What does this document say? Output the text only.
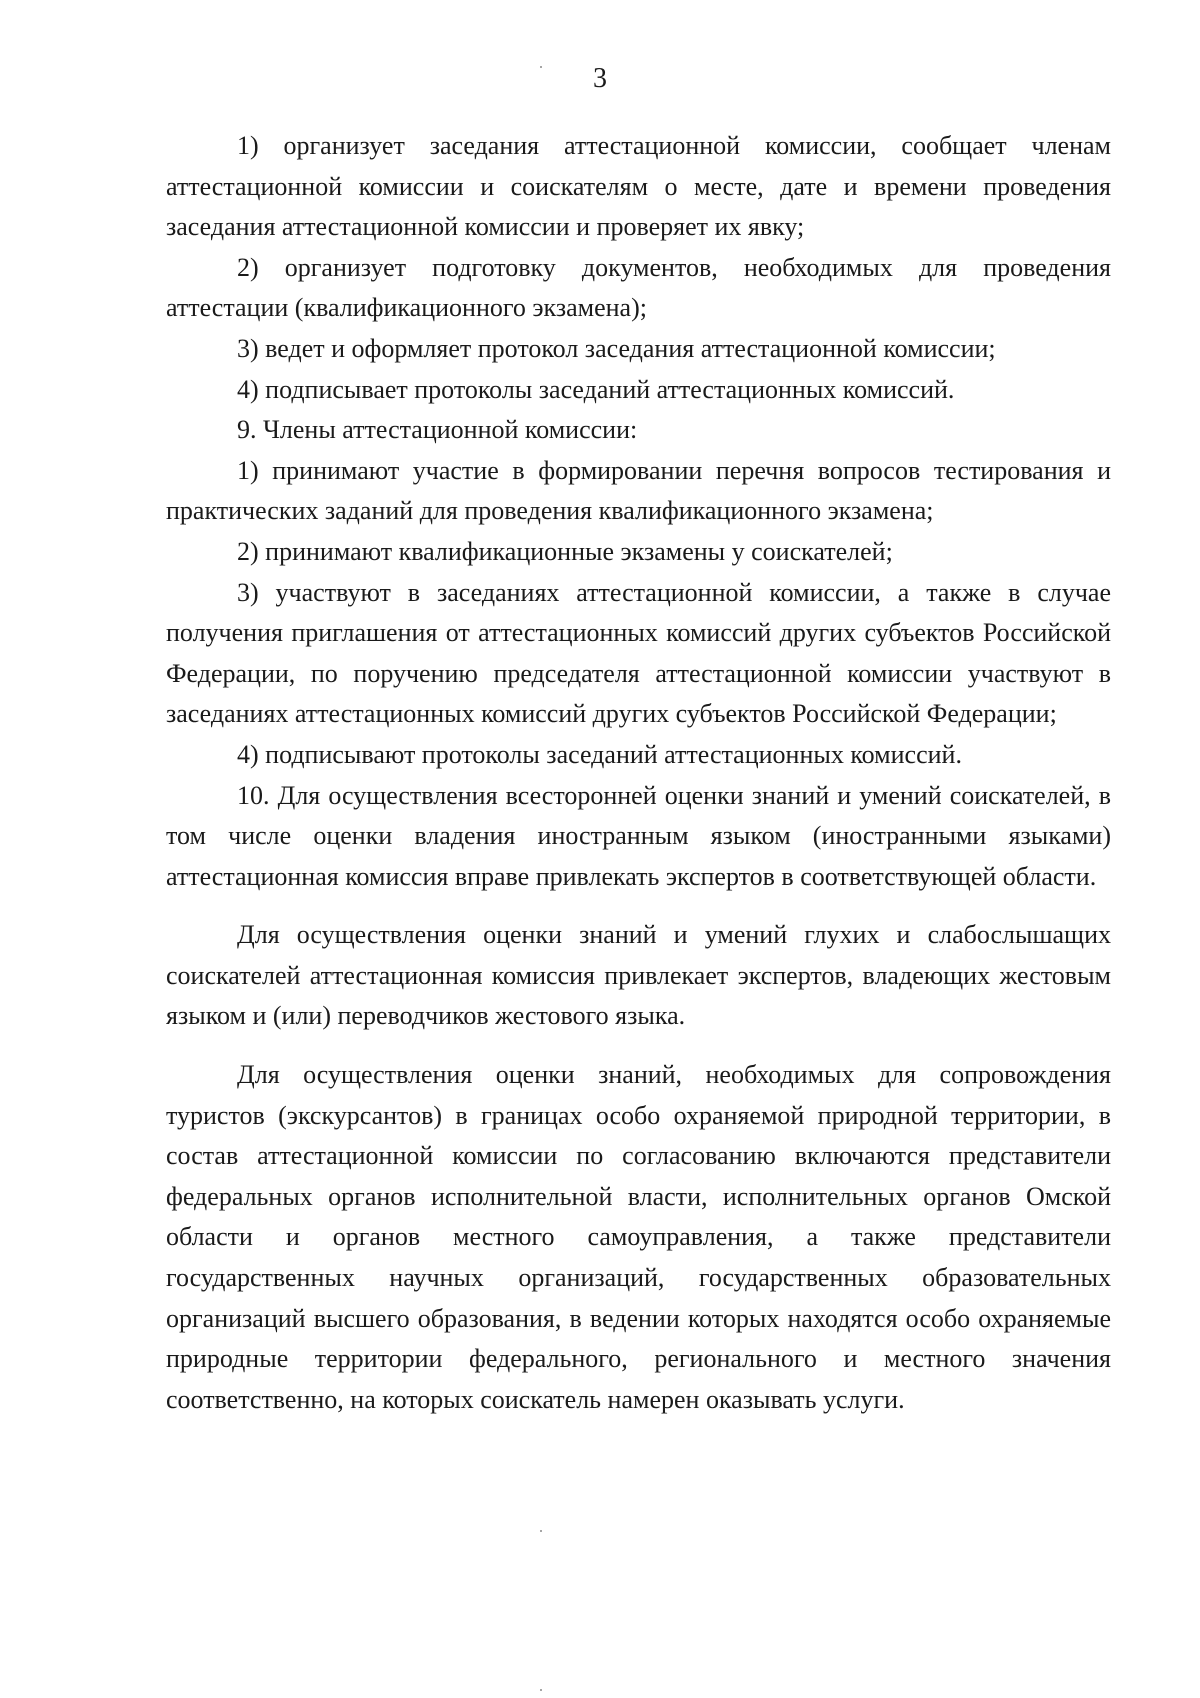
3

1) организует заседания аттестационной комиссии, сообщает членам аттестационной комиссии и соискателям о месте, дате и времени проведения заседания аттестационной комиссии и проверяет их явку;

2) организует подготовку документов, необходимых для проведения аттестации (квалификационного экзамена);

3) ведет и оформляет протокол заседания аттестационной комиссии;

4) подписывает протоколы заседаний аттестационных комиссий.

9. Члены аттестационной комиссии:

1) принимают участие в формировании перечня вопросов тестирования и практических заданий для проведения квалификационного экзамена;

2) принимают квалификационные экзамены у соискателей;

3) участвуют в заседаниях аттестационной комиссии, а также в случае получения приглашения от аттестационных комиссий других субъектов Российской Федерации, по поручению председателя аттестационной комиссии участвуют в заседаниях аттестационных комиссий других субъектов Российской Федерации;

4) подписывают протоколы заседаний аттестационных комиссий.

10. Для осуществления всесторонней оценки знаний и умений соискателей, в том числе оценки владения иностранным языком (иностранными языками) аттестационная комиссия вправе привлекать экспертов в соответствующей области.

Для осуществления оценки знаний и умений глухих и слабослышащих соискателей аттестационная комиссия привлекает экспертов, владеющих жестовым языком и (или) переводчиков жестового языка.

Для осуществления оценки знаний, необходимых для сопровождения туристов (экскурсантов) в границах особо охраняемой природной территории, в состав аттестационной комиссии по согласованию включаются представители федеральных органов исполнительной власти, исполнительных органов Омской области и органов местного самоуправления, а также представители государственных научных организаций, государственных образовательных организаций высшего образования, в ведении которых находятся особо охраняемые природные территории федерального, регионального и местного значения соответственно, на которых соискатель намерен оказывать услуги.
